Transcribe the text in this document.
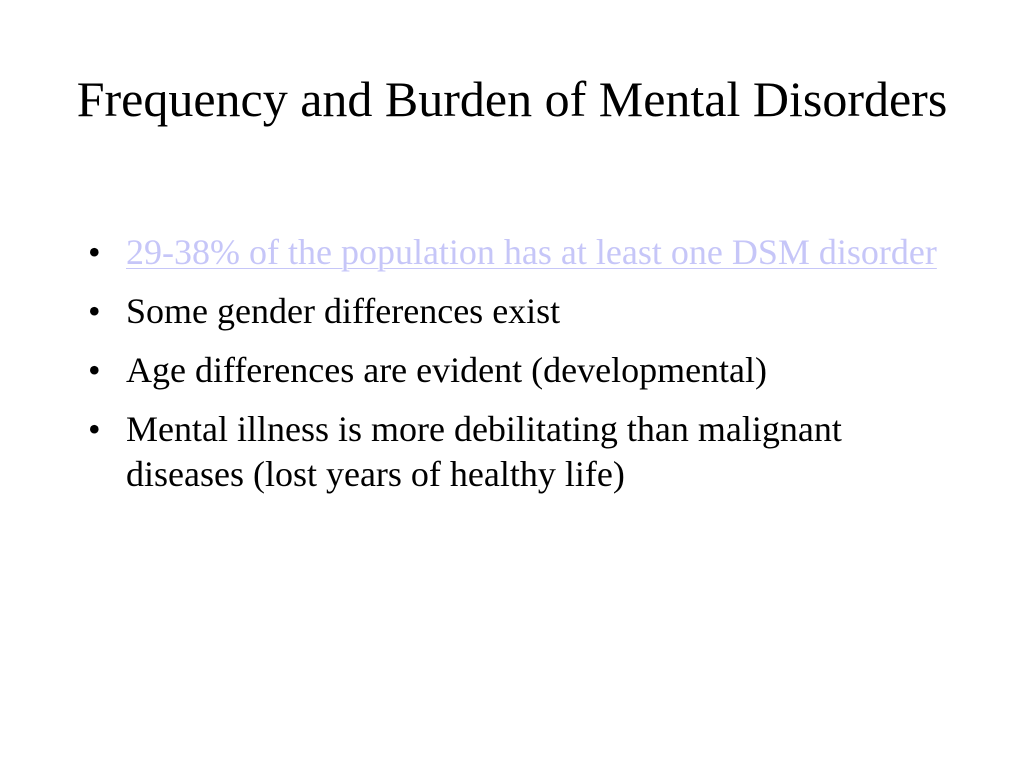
Frequency and Burden of Mental Disorders
• 29-38% of the population has at least one DSM disorder
• Some gender differences exist
• Age differences are evident (developmental)
• Mental illness is more debilitating than malignant diseases (lost years of healthy life)
